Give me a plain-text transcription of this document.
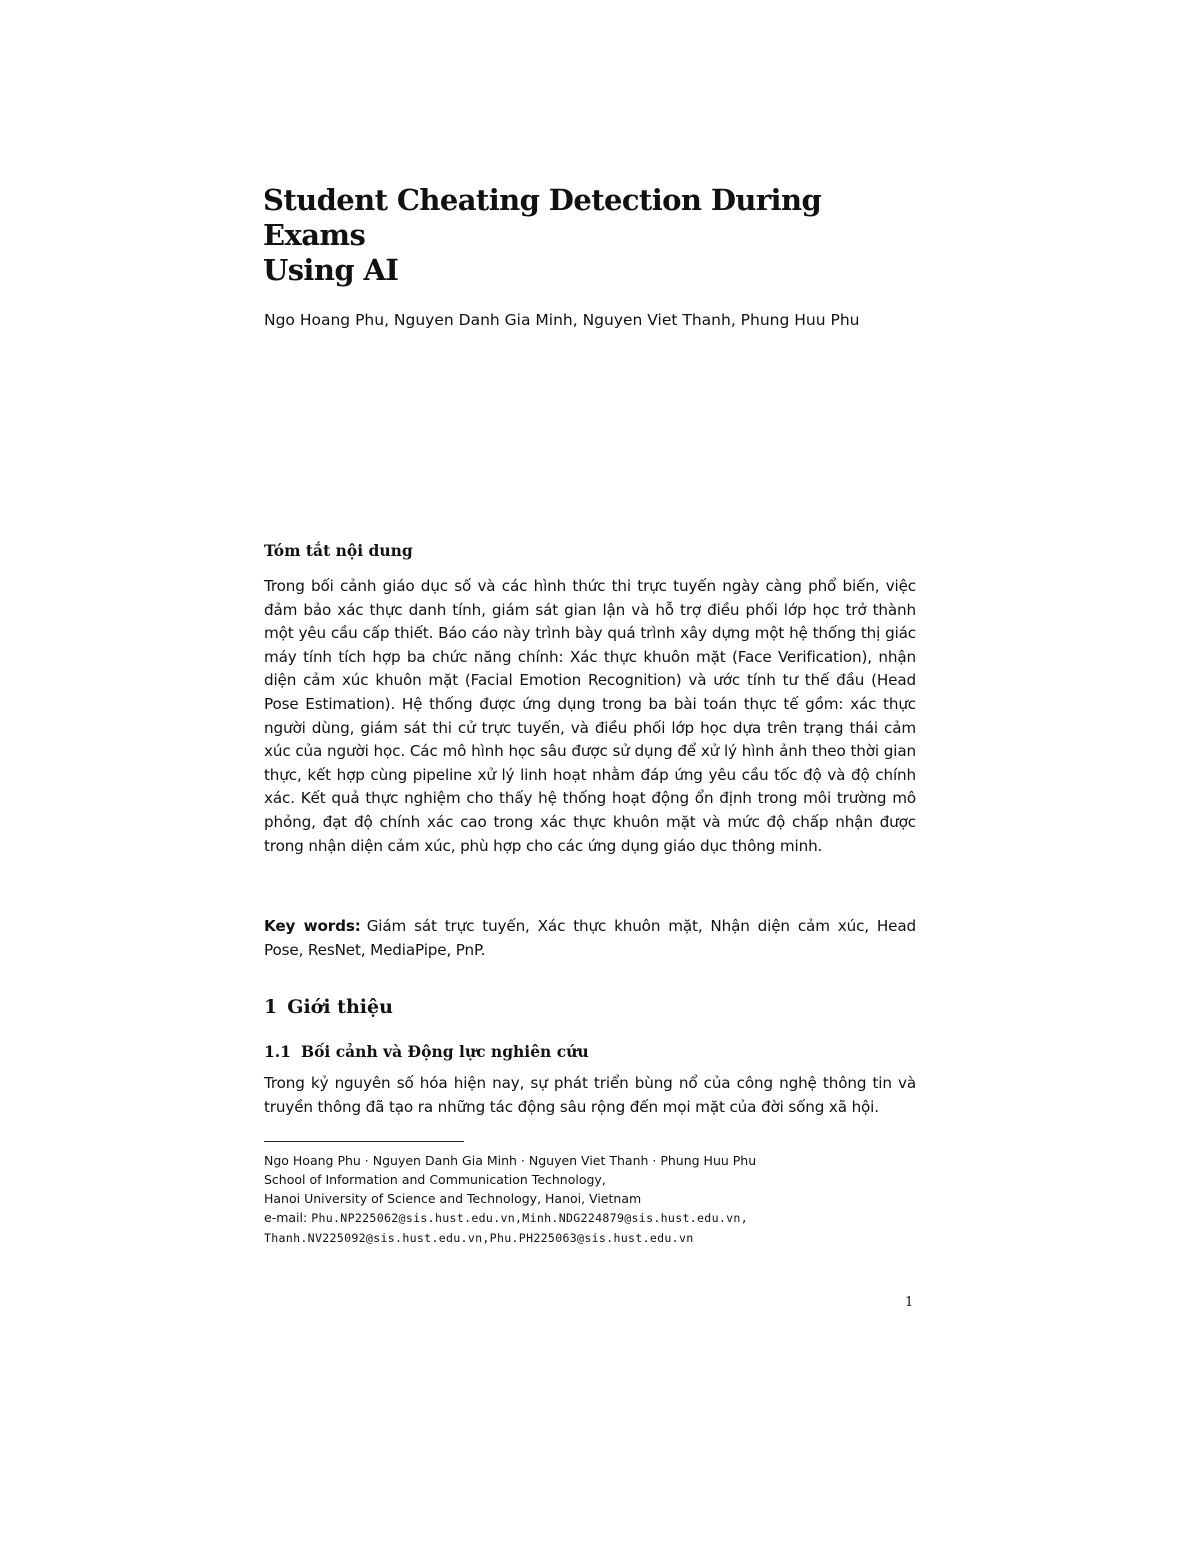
Student Cheating Detection During Exams
Using AI
Ngo Hoang Phu, Nguyen Danh Gia Minh, Nguyen Viet Thanh, Phung Huu Phu
Tóm tắt nội dung

Trong bối cảnh giáo dục số và các hình thức thi trực tuyến ngày càng phổ biến, việc đảm bảo xác thực danh tính, giám sát gian lận và hỗ trợ điều phối lớp học trở thành một yêu cầu cấp thiết. Báo cáo này trình bày quá trình xây dựng một hệ thống thị giác máy tính tích hợp ba chức năng chính: Xác thực khuôn mặt (Face Verification), nhận diện cảm xúc khuôn mặt (Facial Emotion Recognition) và ước tính tư thế đầu (Head Pose Estimation). Hệ thống được ứng dụng trong ba bài toán thực tế gồm: xác thực người dùng, giám sát thi cử trực tuyến, và điều phối lớp học dựa trên trạng thái cảm xúc của người học. Các mô hình học sâu được sử dụng để xử lý hình ảnh theo thời gian thực, kết hợp cùng pipeline xử lý linh hoạt nhằm đáp ứng yêu cầu tốc độ và độ chính xác. Kết quả thực nghiệm cho thấy hệ thống hoạt động ổn định trong môi trường mô phỏng, đạt độ chính xác cao trong xác thực khuôn mặt và mức độ chấp nhận được trong nhận diện cảm xúc, phù hợp cho các ứng dụng giáo dục thông minh.

Key words: Giám sát trực tuyến, Xác thực khuôn mặt, Nhận diện cảm xúc, Head Pose, ResNet, MediaPipe, PnP.

1 Giới thiệu
1.1 Bối cảnh và Động lực nghiên cứu

Trong kỷ nguyên số hóa hiện nay, sự phát triển bùng nổ của công nghệ thông tin và truyền thông đã tạo ra những tác động sâu rộng đến mọi mặt của đời sống xã hội.

Ngo Hoang Phu · Nguyen Danh Gia Minh · Nguyen Viet Thanh · Phung Huu Phu
School of Information and Communication Technology,
Hanoi University of Science and Technology, Hanoi, Vietnam
e-mail: Phu.NP225062@sis.hust.edu.vn,Minh.NDG224879@sis.hust.edu.vn,
Thanh.NV225092@sis.hust.edu.vn,Phu.PH225063@sis.hust.edu.vn
1
